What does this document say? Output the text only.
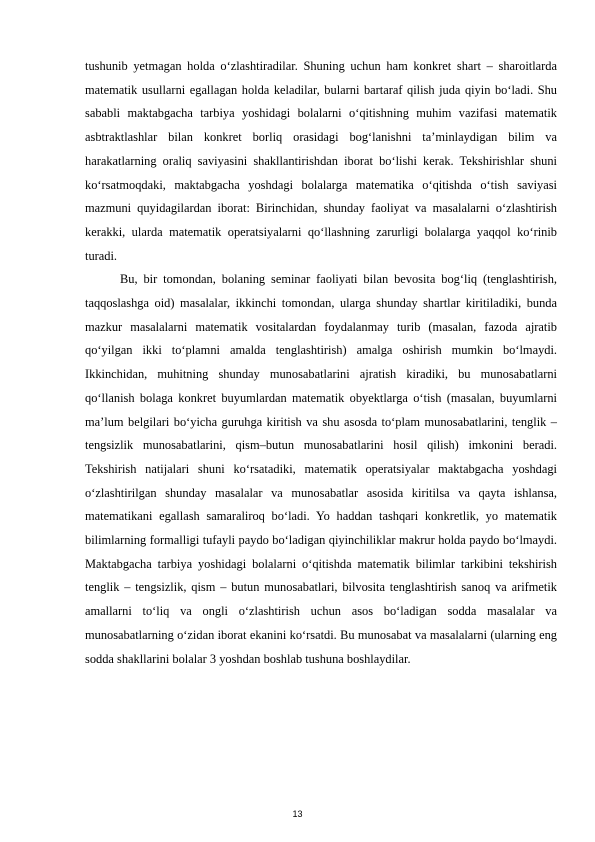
tushunib yetmagan holda o‘zlashtiradilar. Shuning uchun ham konkret shart – sharoitlarda matematik usullarni egallagan holda keladilar, bularni bartaraf qilish juda qiyin bo‘ladi. Shu sababli maktabgacha tarbiya yoshidagi bolalarni o‘qitishning muhim vazifasi matematik asbtraktlashlar bilan konkret borliq orasidagi bog‘lanishni ta’minlaydigan bilim va harakatlarning oraliq saviyasini shakllantirishdan iborat bo‘lishi kerak. Tekshirishlar shuni ko‘rsatmoqdaki, maktabgacha yoshdagi bolalarga matematika o‘qitishda o‘tish saviyasi mazmuni quyidagilardan iborat: Birinchidan, shunday faoliyat va masalalarni o‘zlashtirish kerakki, ularda matematik operatsiyalarni qo‘llashning zarurligi bolalarga yaqqol ko‘rinib turadi.

Bu, bir tomondan, bolaning seminar faoliyati bilan bevosita bog‘liq (tenglashtirish, taqqoslashga oid) masalalar, ikkinchi tomondan, ularga shunday shartlar kiritiladiki, bunda mazkur masalalarni matematik vositalardan foydalanmay turib (masalan, fazoda ajratib qo‘yilgan ikki to‘plamni amalda tenglashtirish) amalga oshirish mumkin bo‘lmaydi. Ikkinchidan, muhitning shunday munosabatlarini ajratish kiradiki, bu munosabatlarni qo‘llanish bolaga konkret buyumlardan matematik obyektlarga o‘tish (masalan, buyumlarni ma’lum belgilari bo‘yicha guruhga kiritish va shu asosda to‘plam munosabatlarini, tenglik – tengsizlik munosabatlarini, qism–butun munosabatlarini hosil qilish) imkonini beradi. Tekshirish natijalari shuni ko‘rsatadiki, matematik operatsiyalar maktabgacha yoshdagi o‘zlashtirilgan shunday masalalar va munosabatlar asosida kiritilsa va qayta ishlansa, matematikani egallash samaraliroq bo‘ladi. Yo haddan tashqari konkretlik, yo matematik bilimlarning formalligi tufayli paydo bo‘ladigan qiyinchiliklar makrur holda paydo bo‘lmaydi. Maktabgacha tarbiya yoshidagi bolalarni o‘qitishda matematik bilimlar tarkibini tekshirish tenglik – tengsizlik, qism – butun munosabatlari, bilvosita tenglashtirish sanoq va arifmetik amallarni to‘liq va ongli o‘zlashtirish uchun asos bo‘ladigan sodda masalalar va munosabatlarning o‘zidan iborat ekanini ko‘rsatdi. Bu munosabat va masalalarni (ularning eng sodda shakllarini bolalar 3 yoshdan boshlab tushuna boshlaydilar.

13
